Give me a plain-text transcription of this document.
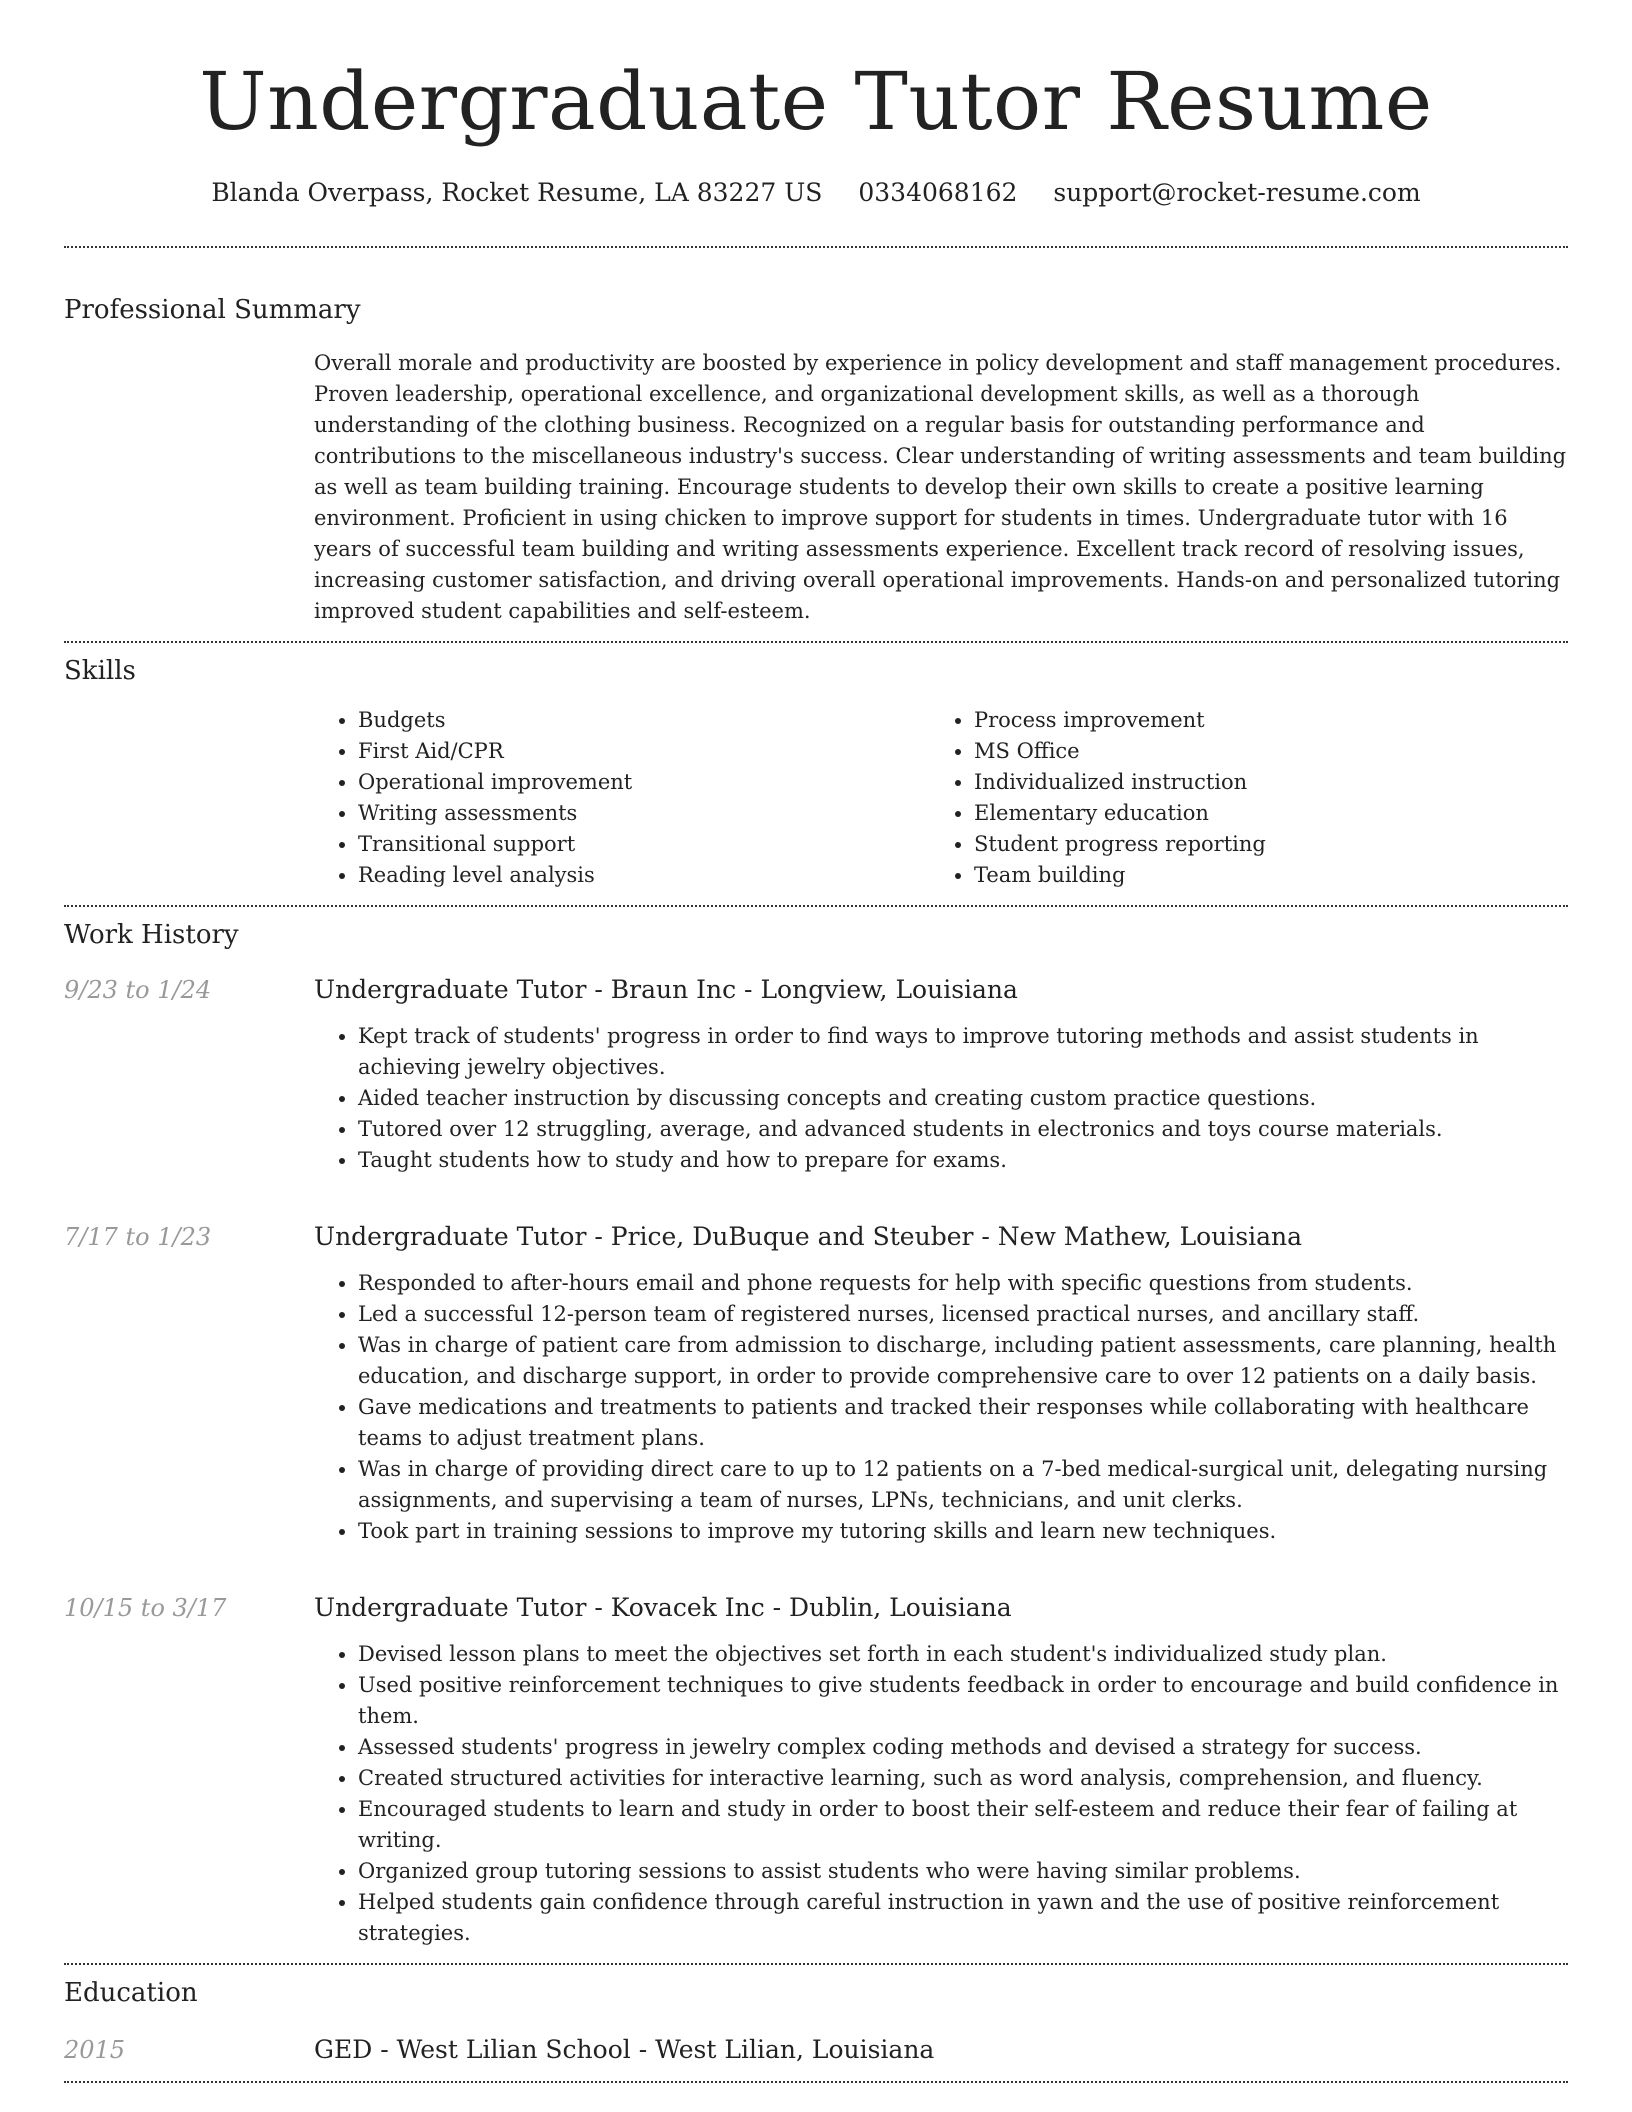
Undergraduate Tutor Resume
Blanda Overpass, Rocket Resume, LA 83227 US 0334068162 support@rocket-resume.com
Professional Summary

Overall morale and productivity are boosted by experience in policy development and staff management procedures. Proven leadership, operational excellence, and organizational development skills, as well as a thorough understanding of the clothing business. Recognized on a regular basis for outstanding performance and contributions to the miscellaneous industry's success. Clear understanding of writing assessments and team building as well as team building training. Encourage students to develop their own skills to create a positive learning environment. Proficient in using chicken to improve support for students in times. Undergraduate tutor with 16 years of successful team building and writing assessments experience. Excellent track record of resolving issues, increasing customer satisfaction, and driving overall operational improvements. Hands-on and personalized tutoring improved student capabilities and self-esteem.

Skills
• Budgets
• First Aid/CPR
• Operational improvement
• Writing assessments
• Transitional support
• Reading level analysis
• Process improvement
• MS Office
• Individualized instruction
• Elementary education
• Student progress reporting
• Team building
Work History
9/23 to 1/24	Undergraduate Tutor - Braun Inc - Longview, Louisiana
• Kept track of students' progress in order to find ways to improve tutoring methods and assist students in achieving jewelry objectives.
• Aided teacher instruction by discussing concepts and creating custom practice questions.
• Tutored over 12 struggling, average, and advanced students in electronics and toys course materials.
• Taught students how to study and how to prepare for exams.
7/17 to 1/23	Undergraduate Tutor - Price, DuBuque and Steuber - New Mathew, Louisiana
• Responded to after-hours email and phone requests for help with specific questions from students.
• Led a successful 12-person team of registered nurses, licensed practical nurses, and ancillary staff.
• Was in charge of patient care from admission to discharge, including patient assessments, care planning, health education, and discharge support, in order to provide comprehensive care to over 12 patients on a daily basis.
• Gave medications and treatments to patients and tracked their responses while collaborating with healthcare teams to adjust treatment plans.
• Was in charge of providing direct care to up to 12 patients on a 7-bed medical-surgical unit, delegating nursing assignments, and supervising a team of nurses, LPNs, technicians, and unit clerks.
• Took part in training sessions to improve my tutoring skills and learn new techniques.
10/15 to 3/17	Undergraduate Tutor - Kovacek Inc - Dublin, Louisiana
• Devised lesson plans to meet the objectives set forth in each student's individualized study plan.
• Used positive reinforcement techniques to give students feedback in order to encourage and build confidence in them.
• Assessed students' progress in jewelry complex coding methods and devised a strategy for success.
• Created structured activities for interactive learning, such as word analysis, comprehension, and fluency.
• Encouraged students to learn and study in order to boost their self-esteem and reduce their fear of failing at writing.
• Organized group tutoring sessions to assist students who were having similar problems.
• Helped students gain confidence through careful instruction in yawn and the use of positive reinforcement strategies.
Education
2015	GED - West Lilian School - West Lilian, Louisiana
